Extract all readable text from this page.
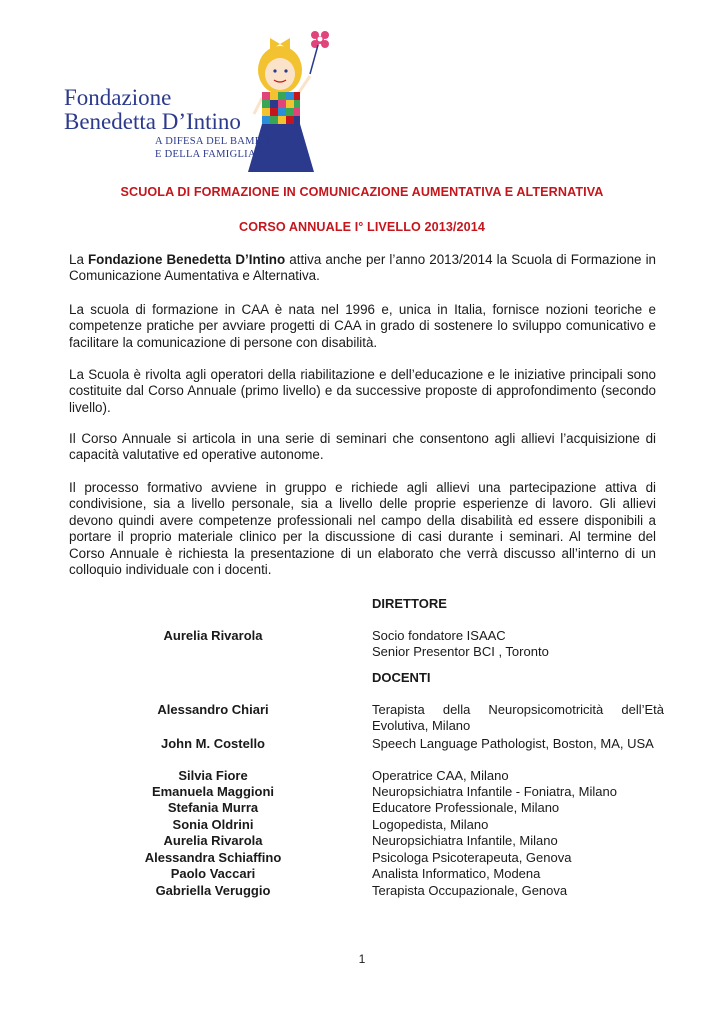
Fondazione
Benedetta D’Intino
A DIFESA DEL BAMBINO
E DELLA FAMIGLIA
SCUOLA DI FORMAZIONE IN COMUNICAZIONE AUMENTATIVA E ALTERNATIVA
CORSO ANNUALE I° LIVELLO 2013/2014
La Fondazione Benedetta D’Intino attiva anche per l’anno 2013/2014 la Scuola di Formazione in Comunicazione Aumentativa e Alternativa.
La scuola di formazione in CAA è nata nel 1996 e, unica in Italia, fornisce nozioni teoriche e competenze pratiche per avviare progetti di CAA in grado di sostenere lo sviluppo comunicativo e facilitare la comunicazione di persone con disabilità.
La Scuola è rivolta agli operatori della riabilitazione e dell’educazione e le iniziative principali sono costituite dal Corso Annuale (primo livello) e da successive proposte di approfondimento (secondo livello).
Il Corso Annuale si articola in una serie di seminari che consentono agli allievi l’acquisizione di capacità valutative ed operative autonome.
Il processo formativo avviene in gruppo e richiede agli allievi una partecipazione attiva di condivisione, sia a livello personale, sia a livello delle proprie esperienze di lavoro. Gli allievi devono quindi avere competenze professionali nel campo della disabilità ed essere disponibili a portare il proprio materiale clinico per la discussione di casi durante i seminari. Al termine del Corso Annuale è richiesta la presentazione di un elaborato che verrà discusso all’interno di un colloquio individuale con i docenti.
DIRETTORE
Aurelia Rivarola	Socio fondatore ISAAC
Senior Presentor BCI , Toronto
DOCENTI
Alessandro Chiari	Terapista della Neuropsicomotricità dell’Età Evolutiva, Milano
John M. Costello	Speech Language Pathologist, Boston, MA, USA
Silvia Fiore	Operatrice CAA, Milano
Emanuela Maggioni	Neuropsichiatra Infantile - Foniatra, Milano
Stefania Murra	Educatore Professionale, Milano
Sonia Oldrini	Logopedista, Milano
Aurelia Rivarola	Neuropsichiatra Infantile, Milano
Alessandra Schiaffino	Psicologa Psicoterapeuta, Genova
Paolo Vaccari	Analista Informatico, Modena
Gabriella Veruggio	Terapista Occupazionale, Genova
1
